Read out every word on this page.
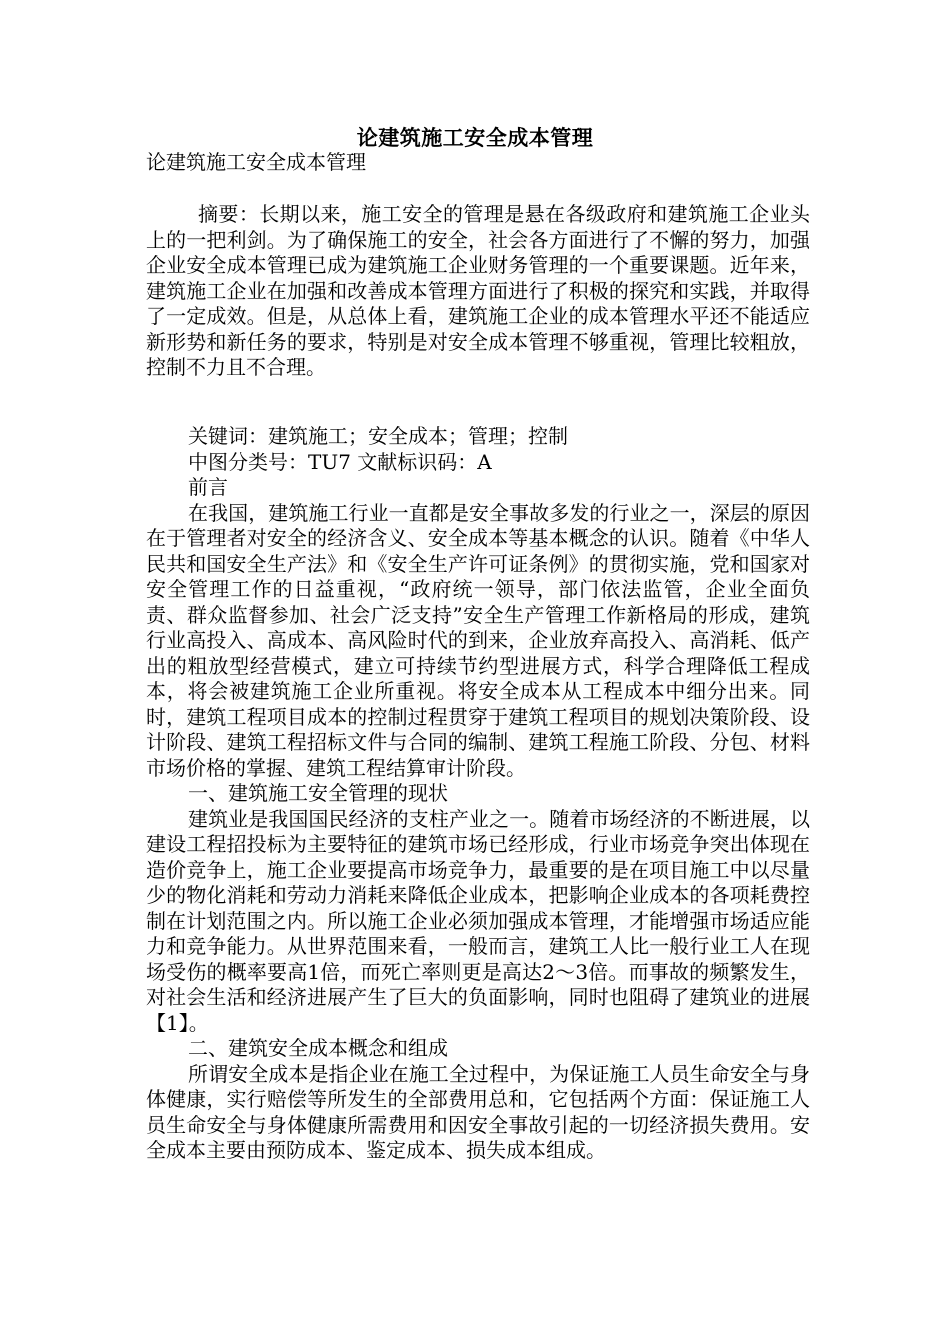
论建筑施工安全成本管理
论建筑施工安全成本管理
摘要：长期以来，施工安全的管理是悬在各级政府和建筑施工企业头上的一把利剑。为了确保施工的安全，社会各方面进行了不懈的努力，加强企业安全成本管理已成为建筑施工企业财务管理的一个重要课题。近年来，建筑施工企业在加强和改善成本管理方面进行了积极的探究和实践，并取得了一定成效。但是，从总体上看，建筑施工企业的成本管理水平还不能适应新形势和新任务的要求，特别是对安全成本管理不够重视，管理比较粗放，控制不力且不合理。

关键词：建筑施工；安全成本；管理；控制

中图分类号：TU7 文献标识码：A

前言

在我国，建筑施工行业一直都是安全事故多发的行业之一，深层的原因在于管理者对安全的经济含义、安全成本等基本概念的认识。随着《中华人民共和国安全生产法》和《安全生产许可证条例》的贯彻实施，党和国家对安全管理工作的日益重视，“政府统一领导，部门依法监管，企业全面负责、群众监督参加、社会广泛支持”安全生产管理工作新格局的形成，建筑行业高投入、高成本、高风险时代的到来，企业放弃高投入、高消耗、低产出的粗放型经营模式，建立可持续节约型进展方式，科学合理降低工程成本，将会被建筑施工企业所重视。将安全成本从工程成本中细分出来。同时，建筑工程项目成本的控制过程贯穿于建筑工程项目的规划决策阶段、设计阶段、建筑工程招标文件与合同的编制、建筑工程施工阶段、分包、材料市场价格的掌握、建筑工程结算审计阶段。

一、建筑施工安全管理的现状

建筑业是我国国民经济的支柱产业之一。随着市场经济的不断进展，以建设工程招投标为主要特征的建筑市场已经形成，行业市场竞争突出体现在造价竞争上，施工企业要提高市场竞争力，最重要的是在项目施工中以尽量少的物化消耗和劳动力消耗来降低企业成本，把影响企业成本的各项耗费控制在计划范围之内。所以施工企业必须加强成本管理，才能增强市场适应能力和竞争能力。从世界范围来看，一般而言，建筑工人比一般行业工人在现场受伤的概率要高1倍，而死亡率则更是高达2～3倍。而事故的频繁发生，对社会生活和经济进展产生了巨大的负面影响，同时也阻碍了建筑业的进展【1】。

二、建筑安全成本概念和组成

所谓安全成本是指企业在施工全过程中，为保证施工人员生命安全与身体健康，实行赔偿等所发生的全部费用总和，它包括两个方面：保证施工人员生命安全与身体健康所需费用和因安全事故引起的一切经济损失费用。安全成本主要由预防成本、鉴定成本、损失成本组成。
